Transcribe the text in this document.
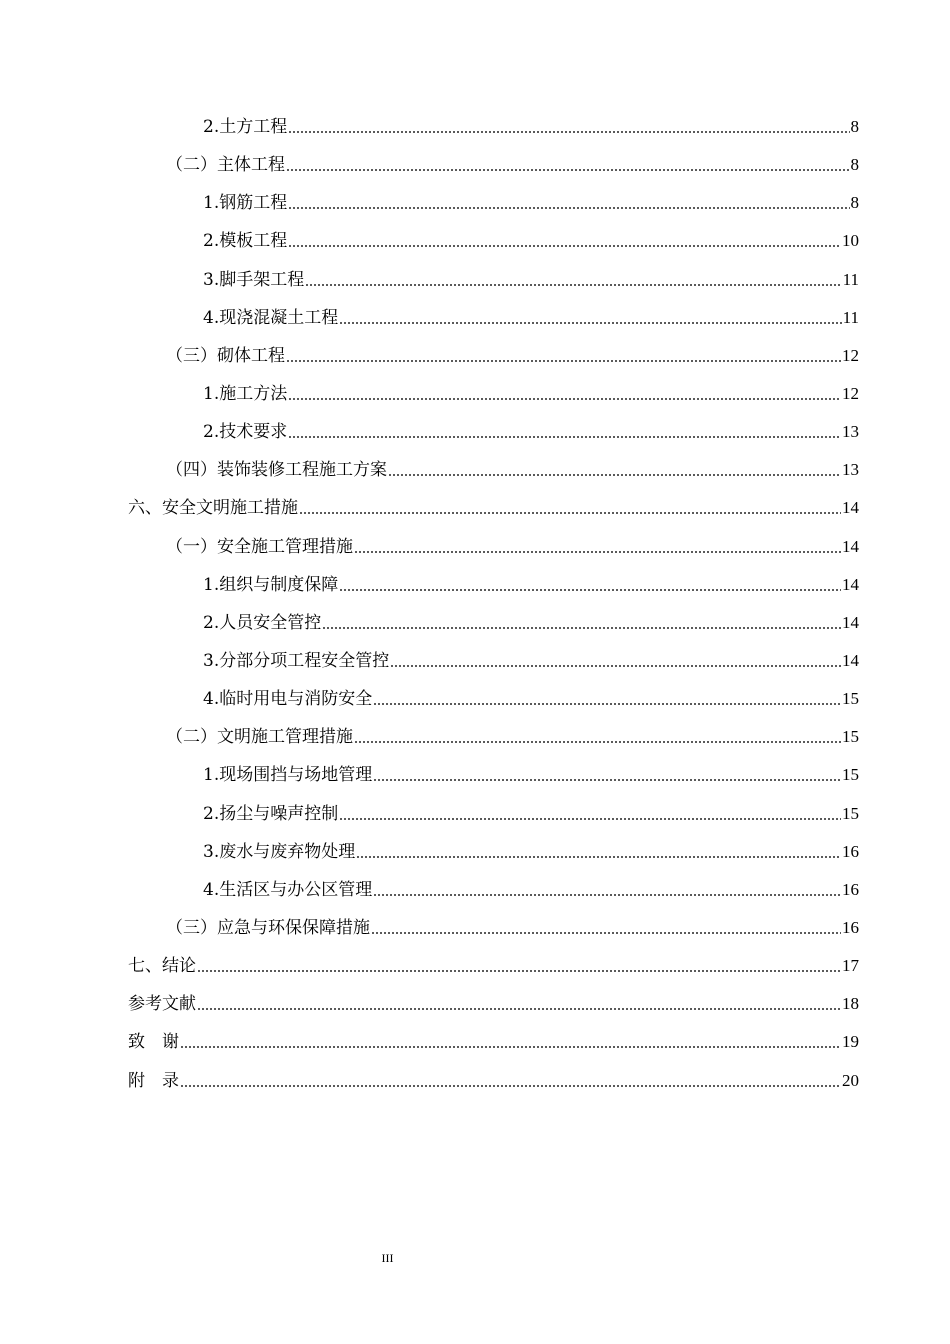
2.土方工程	8
（二）主体工程	8
1.钢筋工程	8
2.模板工程	10
3.脚手架工程	11
4.现浇混凝土工程	11
（三）砌体工程	12
1.施工方法	12
2.技术要求	13
（四）装饰装修工程施工方案	13
六、安全文明施工措施	14
（一）安全施工管理措施	14
1.组织与制度保障	14
2.人员安全管控	14
3.分部分项工程安全管控	14
4.临时用电与消防安全	15
（二）文明施工管理措施	15
1.现场围挡与场地管理	15
2.扬尘与噪声控制	15
3.废水与废弃物处理	16
4.生活区与办公区管理	16
（三）应急与环保保障措施	16
七、结论	17
参考文献	18
致　谢	19
附　录	20
III
